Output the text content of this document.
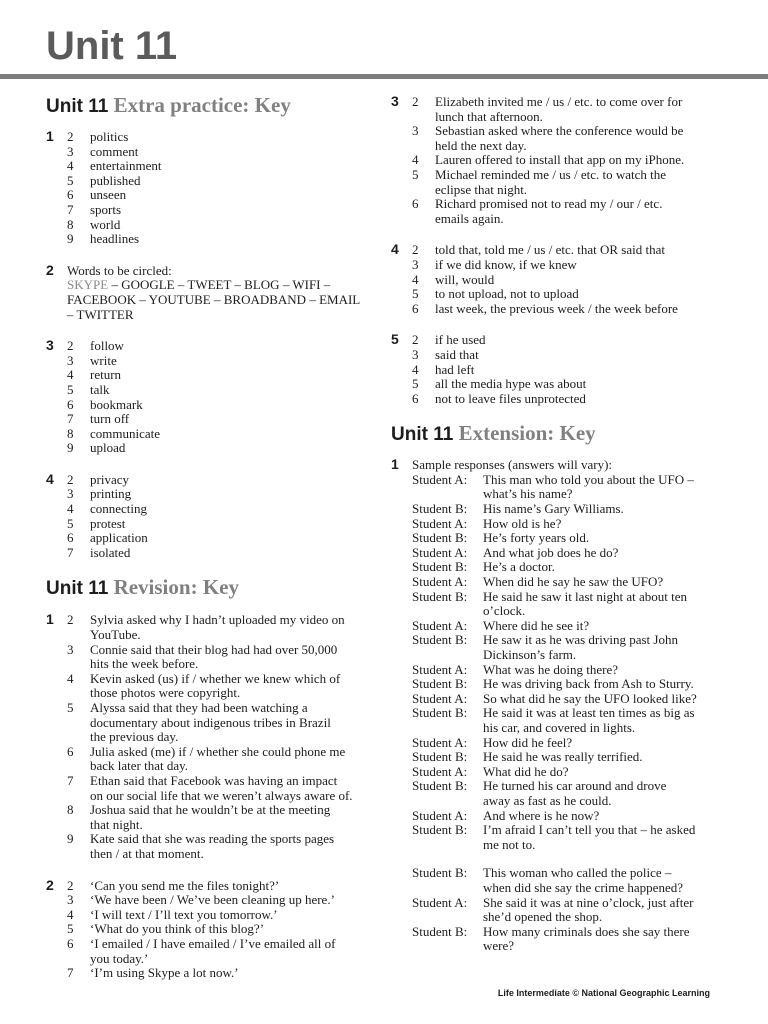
Unit 11
Unit 11 Extra practice: Key
1 2 politics
3 comment
4 entertainment
5 published
6 unseen
7 sports
8 world
9 headlines
2	Words to be circled:
SKYPE – GOOGLE – TWEET – BLOG – WIFI –
FACEBOOK – YOUTUBE – BROADBAND – EMAIL
– TWITTER
3 2 follow
3 write
4 return
5 talk
6 bookmark
7 turn off
8 communicate
9 upload
4 2 privacy
3 printing
4 connecting
5 protest
6 application
7 isolated
Unit 11 Revision: Key
1 2 Sylvia asked why I hadn’t uploaded my video on
YouTube.
3 Connie said that their blog had had over 50,000
hits the week before.
4 Kevin asked (us) if / whether we knew which of
those photos were copyright.
5 Alyssa said that they had been watching a
documentary about indigenous tribes in Brazil
the previous day.
6 Julia asked (me) if / whether she could phone me
back later that day.
7 Ethan said that Facebook was having an impact
on our social life that we weren’t always aware of.
8 Joshua said that he wouldn’t be at the meeting
that night.
9 Kate said that she was reading the sports pages
then / at that moment.
2 2 ‘Can you send me the files tonight?’
3 ‘We have been / We’ve been cleaning up here.’
4 ‘I will text / I’ll text you tomorrow.’
5 ‘What do you think of this blog?’
6 ‘I emailed / I have emailed / I’ve emailed all of
you today.’
7 ‘I’m using Skype a lot now.’
3 2 Elizabeth invited me / us / etc. to come over for
lunch that afternoon.
3 Sebastian asked where the conference would be
held the next day.
4 Lauren offered to install that app on my iPhone.
5 Michael reminded me / us / etc. to watch the
eclipse that night.
6 Richard promised not to read my / our / etc.
emails again.
4 2 told that, told me / us / etc. that OR said that
3 if we did know, if we knew
4 will, would
5 to not upload, not to upload
6 last week, the previous week / the week before
5 2 if he used
3 said that
4 had left
5 all the media hype was about
6 not to leave files unprotected
Unit 11 Extension: Key
1	Sample responses (answers will vary):
Student A:	This man who told you about the UFO –
what’s his name?
Student B:	His name’s Gary Williams.
Student A:	How old is he?
Student B:	He’s forty years old.
Student A:	And what job does he do?
Student B:	He’s a doctor.
Student A:	When did he say he saw the UFO?
Student B:	He said he saw it last night at about ten
o’clock.
Student A:	Where did he see it?
Student B:	He saw it as he was driving past John
Dickinson’s farm.
Student A:	What was he doing there?
Student B:	He was driving back from Ash to Sturry.
Student A:	So what did he say the UFO looked like?
Student B:	He said it was at least ten times as big as
his car, and covered in lights.
Student A:	How did he feel?
Student B:	He said he was really terrified.
Student A:	What did he do?
Student B:	He turned his car around and drove
away as fast as he could.
Student A:	And where is he now?
Student B:	I’m afraid I can’t tell you that – he asked
me not to.
Student B:	This woman who called the police –
when did she say the crime happened?
Student A:	She said it was at nine o’clock, just after
she’d opened the shop.
Student B:	How many criminals does she say there
were?
Life Intermediate © National Geographic Learning
